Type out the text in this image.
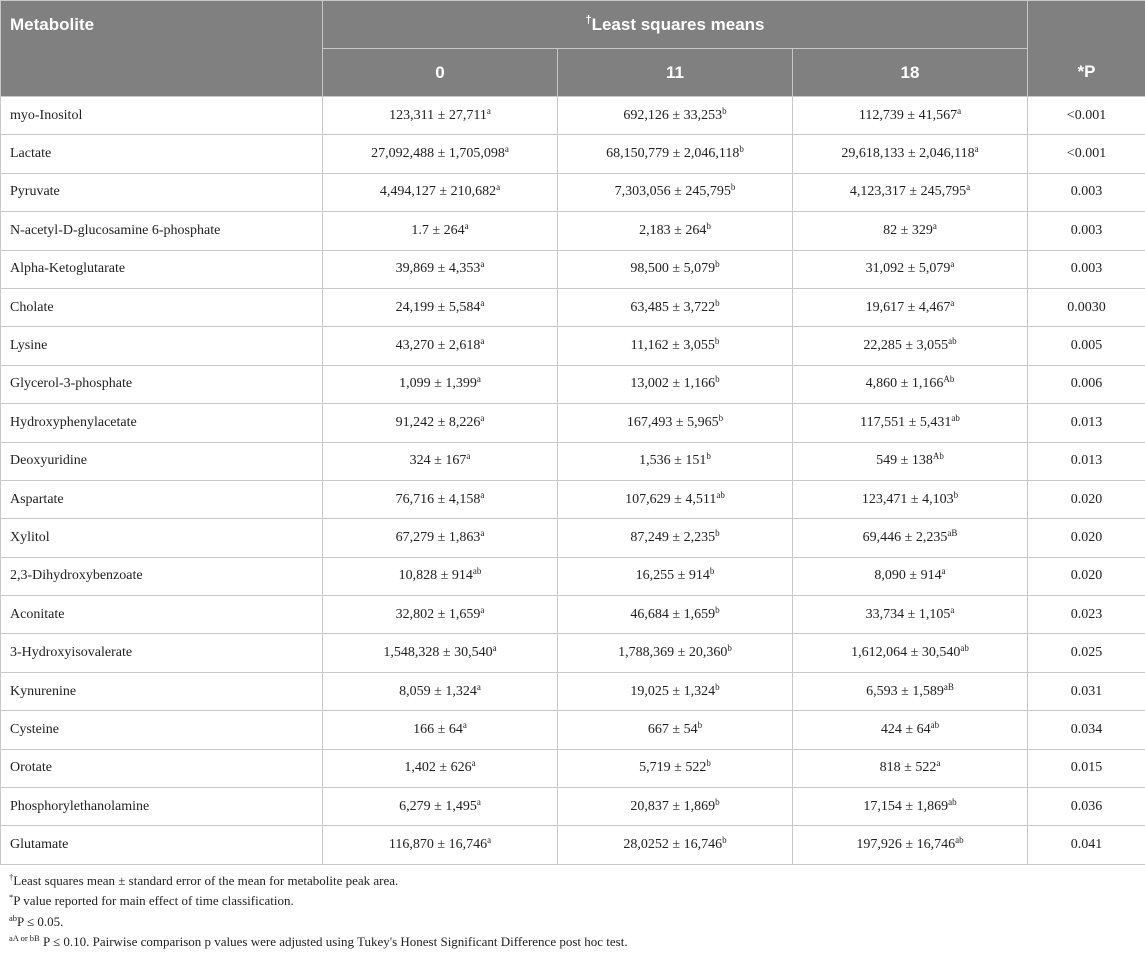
Metabolite	†Least squares means			*P
	0	11	18	
myo-Inositol	123,311 ± 27,711$^a$	692,126 ± 33,253$^b$	112,739 ± 41,567$^a$	<0.001
Lactate	27,092,488 ± 1,705,098$^a$	68,150,779 ± 2,046,118$^b$	29,618,133 ± 2,046,118$^a$	<0.001
Pyruvate	4,494,127 ± 210,682$^a$	7,303,056 ± 245,795$^b$	4,123,317 ± 245,795$^a$	0.003
N-acetyl-D-glucosamine 6-phosphate	$1.7 \pm 264^a$	$2,183 \pm 264^b$	$82 \pm 329^a$	0.003
Alpha-Ketoglutarate	39,869 ± 4,353$^a$	98,500 ± 5,079$^b$	31,092 ± 5,079$^a$	0.003
Cholate	24,199 ± 5,584$^a$	63,485 ± 3,722$^b$	19,617 ± 4,467$^a$	0.0030
Lysine	43,270 ± 2,618$^a$	11,162 ± 3,055$^b$	22,285 ± 3,055$^{ab}$	0.005
Glycerol-3-phosphate	1,099 ± 1,399$^a$	13,002 ± 1,166$^b$	$4,860 \pm 1,166^{Ab}$	0.006
Hydroxyphenylacetate	91,242 ± 8,226$^a$	167,493 ± 5,965$^b$	117,551 ± 5,431$^{ab}$	0.013
Deoxyuridine	$324 \pm 167^a$	$1,536 \pm 151^b$	$549 \pm 138^{Ab}$	0.013
Aspartate	76,716 ± 4,158$^a$	107,629 ± 4,511$^{ab}$	123,471 ± 4,103$^b$	0.020
Xylitol	67,279 ± 1,863$^a$	87,249 ± 2,235$^b$	$69,446 \pm 2,235^{aB}$	0.020
2,3-Dihydroxybenzoate	$10,828 \pm 914^{ab}$	$16,255 \pm 914^b$	$8,090 \pm 914^a$	0.020
Aconitate	32,802 ± 1,659$^a$	46,684 ± 1,659$^b$	33,734 ± 1,105$^a$	0.023
3-Hydroxyisovalerate	1,548,328 ± 30,540$^a$	1,788,369 ± 20,360$^b$	1,612,064 ± 30,540$^{ab}$	0.025
Kynurenine	8,059 ± 1,324$^a$	19,025 ± 1,324$^b$	$6,593 \pm 1,589^{aB}$	0.031
Cysteine	$166 \pm 64^a$	$667 \pm 54^b$	$424 \pm 64^{ab}$	0.034
Orotate	$1,402 \pm 626^a$	$5,719 \pm 522^b$	$818 \pm 522^a$	0.015
Phosphorylethanolamine	6,279 ± 1,495$^a$	20,837 ± 1,869$^b$	17,154 ± 1,869$^{ab}$	0.036
Glutamate	116,870 ± 16,746$^a$	28,0252 ± 16,746$^b$	197,926 ± 16,746$^{ab}$	0.041
†Least squares mean ± standard error of the mean for metabolite peak area.
*P value reported for main effect of time classification.
$^{ab}$P ≤ 0.05.
$^{aA or bB}$ P ≤ 0.10. Pairwise comparison p values were adjusted using Tukey's Honest Significant Difference post hoc test.
